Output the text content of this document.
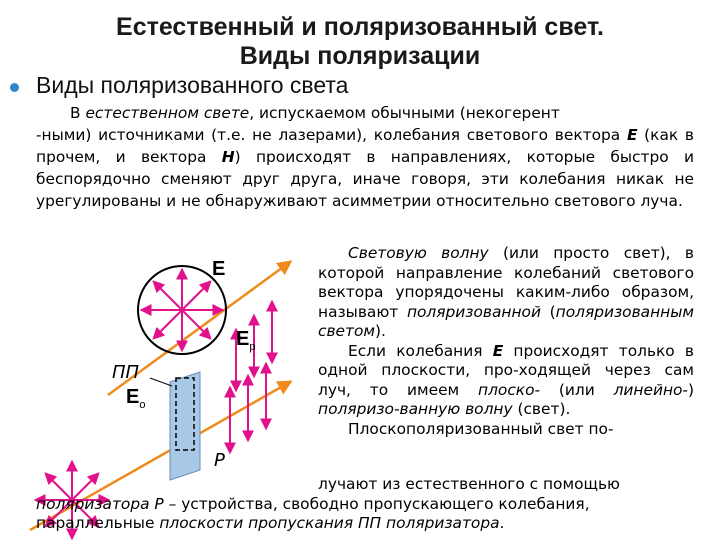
Естественный и поляризованный свет.
Виды поляризации
Виды поляризованного света

В естественном свете, испускаемом обычными (некогерент

-ными) источниками (т.е. не лазерами), колебания светового вектора E (как в прочем, и вектора H) происходят в направлениях, которые быстро и беспорядочно сменяют друг друга, иначе говоря, эти колебания никак не урегулированы и не обнаруживают асимметрии относительно светового луча.

E
$E_p$
ПП
$E_o$
P

Световую волну (или просто свет), в которой направление колебаний светового вектора упорядочены каким-либо образом, называют поляризованной (поляризованным светом).

Если колебания E происходят только в одной плоскости, про-ходящей через сам луч, то имеем плоско- (или линейно-) поляризо-ванную волну (свет).

Плоскополяризованный свет по-

лучают из естественного с помощью

поляризатора Р – устройства, свободно пропускающего колебания,

параллельные плоскости пропускания ПП поляризатора.
